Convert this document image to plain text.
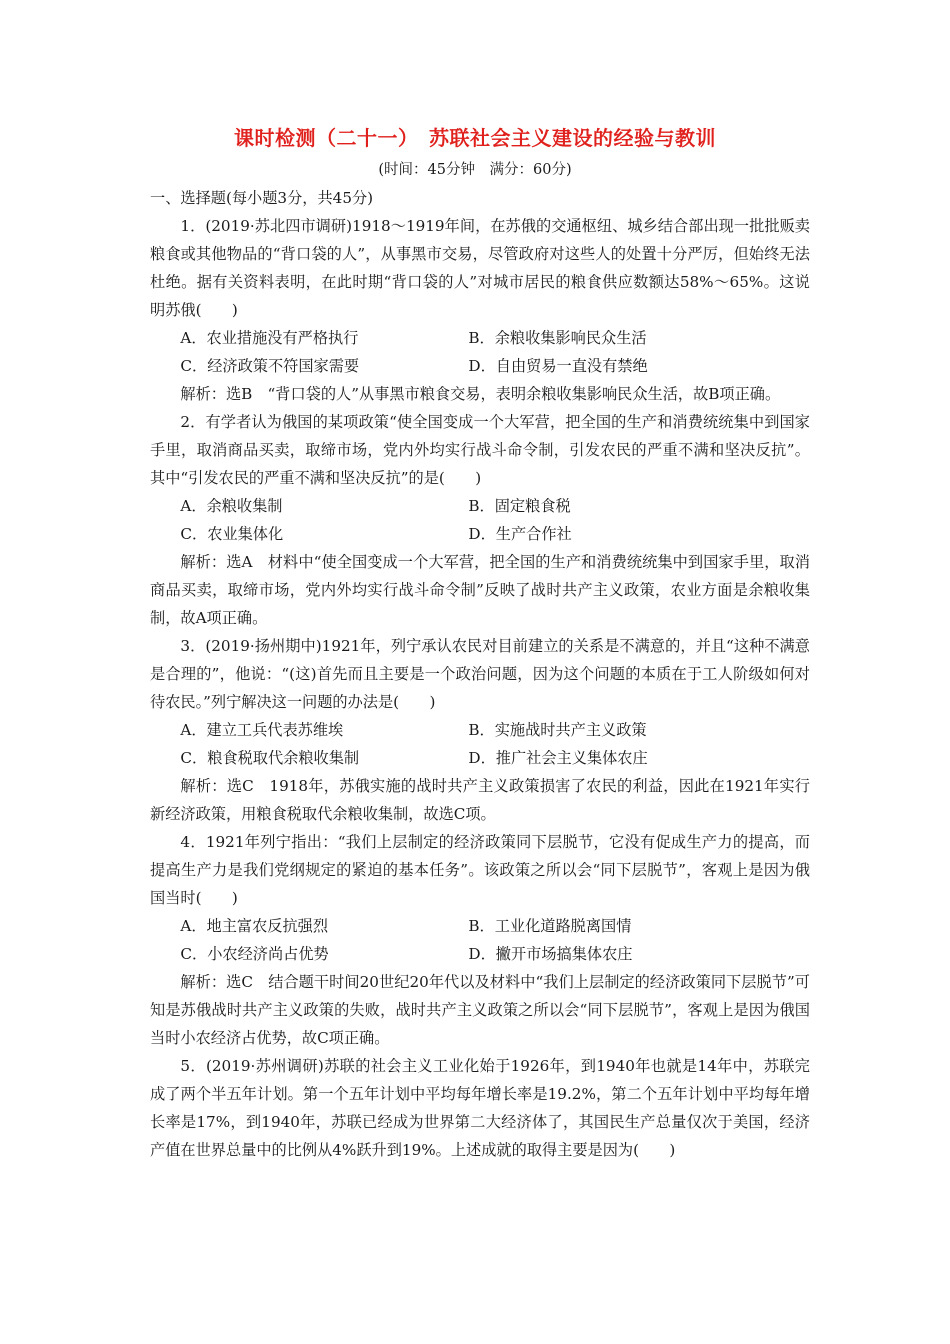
课时检测（二十一）　苏联社会主义建设的经验与教训
(时间：45分钟　满分：60分)

一、选择题(每小题3分，共45分)

1．(2019·苏北四市调研)1918～1919年间，在苏俄的交通枢纽、城乡结合部出现一批批贩卖粮食或其他物品的“背口袋的人”，从事黑市交易，尽管政府对这些人的处置十分严厉，但始终无法杜绝。据有关资料表明，在此时期“背口袋的人”对城市居民的粮食供应数额达58%～65%。这说明苏俄(　　)

A．农业措施没有严格执行	B．余粮收集影响民众生活
C．经济政策不符国家需要	D．自由贸易一直没有禁绝

解析：选B　“背口袋的人”从事黑市粮食交易，表明余粮收集影响民众生活，故B项正确。

2．有学者认为俄国的某项政策“使全国变成一个大军营，把全国的生产和消费统统集中到国家手里，取消商品买卖，取缔市场，党内外均实行战斗命令制，引发农民的严重不满和坚决反抗”。其中“引发农民的严重不满和坚决反抗”的是(　　)

A．余粮收集制	B．固定粮食税
C．农业集体化	D．生产合作社

解析：选A　材料中“使全国变成一个大军营，把全国的生产和消费统统集中到国家手里，取消商品买卖，取缔市场，党内外均实行战斗命令制”反映了战时共产主义政策，农业方面是余粮收集制，故A项正确。

3．(2019·扬州期中)1921年，列宁承认农民对目前建立的关系是不满意的，并且“这种不满意是合理的”，他说：“(这)首先而且主要是一个政治问题，因为这个问题的本质在于工人阶级如何对待农民。”列宁解决这一问题的办法是(　　)

A．建立工兵代表苏维埃	B．实施战时共产主义政策
C．粮食税取代余粮收集制	D．推广社会主义集体农庄

解析：选C　1918年，苏俄实施的战时共产主义政策损害了农民的利益，因此在1921年实行新经济政策，用粮食税取代余粮收集制，故选C项。

4．1921年列宁指出：“我们上层制定的经济政策同下层脱节，它没有促成生产力的提高，而提高生产力是我们党纲规定的紧迫的基本任务”。该政策之所以会“同下层脱节”，客观上是因为俄国当时(　　)

A．地主富农反抗强烈	B．工业化道路脱离国情
C．小农经济尚占优势	D．撇开市场搞集体农庄

解析：选C　结合题干时间20世纪20年代以及材料中“我们上层制定的经济政策同下层脱节”可知是苏俄战时共产主义政策的失败，战时共产主义政策之所以会“同下层脱节”，客观上是因为俄国当时小农经济占优势，故C项正确。

5．(2019·苏州调研)苏联的社会主义工业化始于1926年，到1940年也就是14年中，苏联完成了两个半五年计划。第一个五年计划中平均每年增长率是19.2%，第二个五年计划中平均每年增长率是17%，到1940年，苏联已经成为世界第二大经济体了，其国民生产总量仅次于美国，经济产值在世界总量中的比例从4%跃升到19%。上述成就的取得主要是因为(　　)
